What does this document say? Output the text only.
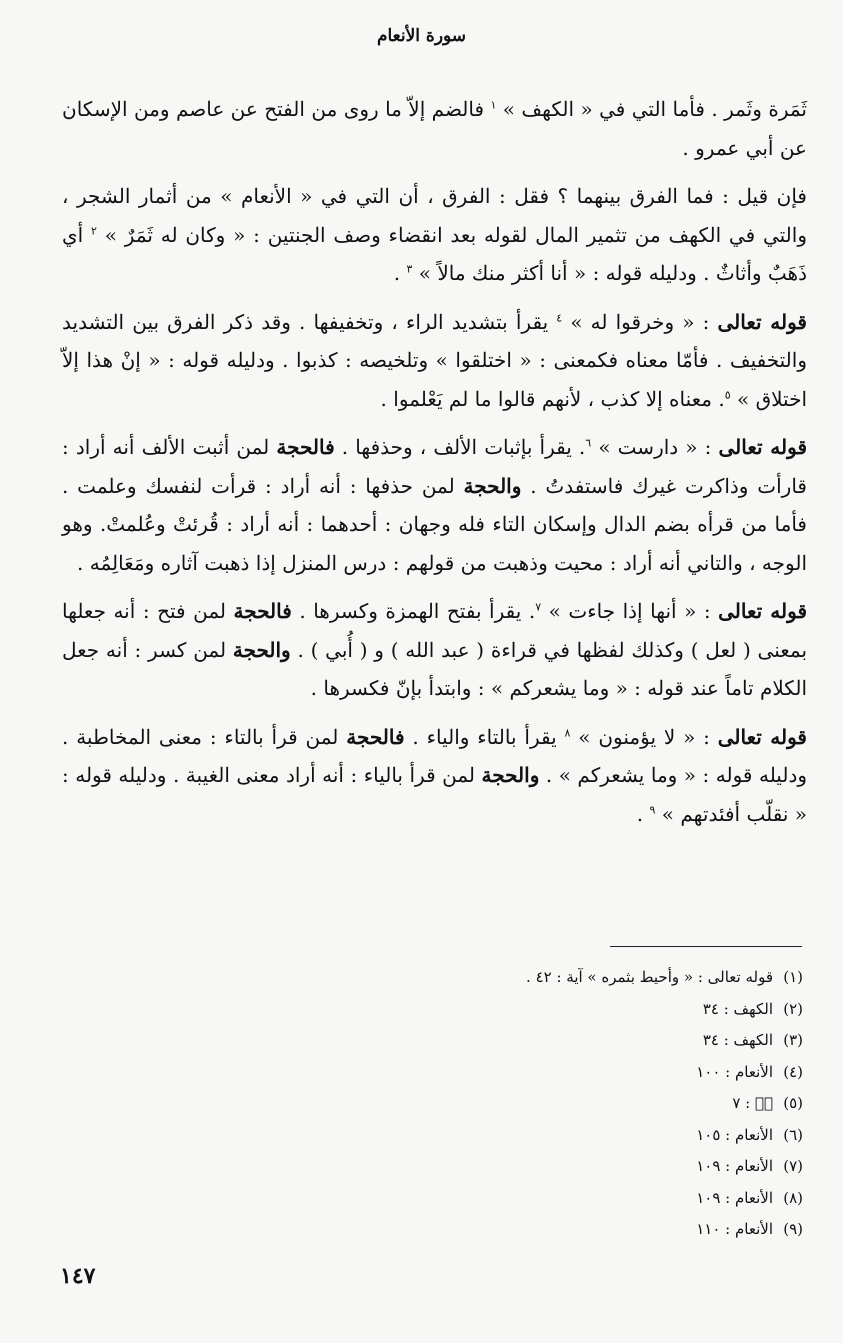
سورة الأنعام

ثَمَرة وثَمر . فأما التي في « الكهف » $^١$ فالضم إلاّ ما روى من الفتح عن عاصم ومن الإسكان عن أبي عمرو .

فإن قيل : فما الفرق بينهما ؟ فقل : الفرق ، أن التي في « الأنعام » من أثمار الشجر ، والتي في الكهف من تثمير المال لقوله بعد انقضاء وصف الجنتين : « وكان له ثَمَرٌ » $^٢$ أي ذَهَبٌ وأثاثٌ . ودليله قوله : « أنا أكثر منك مالاً » $^٣$ .

قوله تعالى : « وخرقوا له » $^٤$ يقرأ بتشديد الراء ، وتخفيفها . وقد ذكر الفرق بين التشديد والتخفيف . فأمّا معناه فكمعنى : « اختلقوا » وتلخيصه : كذبوا . ودليله قوله : « إنْ هذا إلاّ اختلاق » $^٥$. معناه إلا كذب ، لأنهم قالوا ما لم يَعْلموا .

قوله تعالى : « دارست » $^٦$. يقرأ بإثبات الألف ، وحذفها . فالحجة لمن أثبت الألف أنه أراد : قارأت وذاكرت غيرك فاستفدتُ . والحجة لمن حذفها : أنه أراد : قرأت لنفسك وعلمت . فأما من قرأه بضم الدال وإسكان التاء فله وجهان : أحدهما : أنه أراد : قُرئتْ وعُلمتْ. وهو الوجه ، والتاني أنه أراد : محيت وذهبت من قولهم : درس المنزل إذا ذهبت آثاره ومَعَالِمُه .

قوله تعالى : « أنها إذا جاءت » $^٧$. يقرأ بفتح الهمزة وكسرها . فالحجة لمن فتح : أنه جعلها بمعنى ( لعل ) وكذلك لفظها في قراءة ( عبد الله ) و ( أُبي ) . والحجة لمن كسر : أنه جعل الكلام تاماً عند قوله : « وما يشعركم » : وابتدأ بإنّ فكسرها .

قوله تعالى : « لا يؤمنون » $^٨$ يقرأ بالتاء والياء . فالحجة لمن قرأ بالتاء : معنى المخاطبة . ودليله قوله : « وما يشعركم » . والحجة لمن قرأ بالياء : أنه أراد معنى الغيبة . ودليله قوله : « نقلّب أفئدتهم » $^٩$ .

(١)قوله تعالى : « وأحيط بثمره » آية : ٤٢ .
(٢)الكهف : ٣٤
(٣)الكهف : ٣٤
(٤)الأنعام : ١٠٠
(٥)صۤ : ٧
(٦)الأنعام : ١٠٥
(٧)الأنعام : ١٠٩
(٨)الأنعام : ١٠٩
(٩)الأنعام : ١١٠
١٤٧
